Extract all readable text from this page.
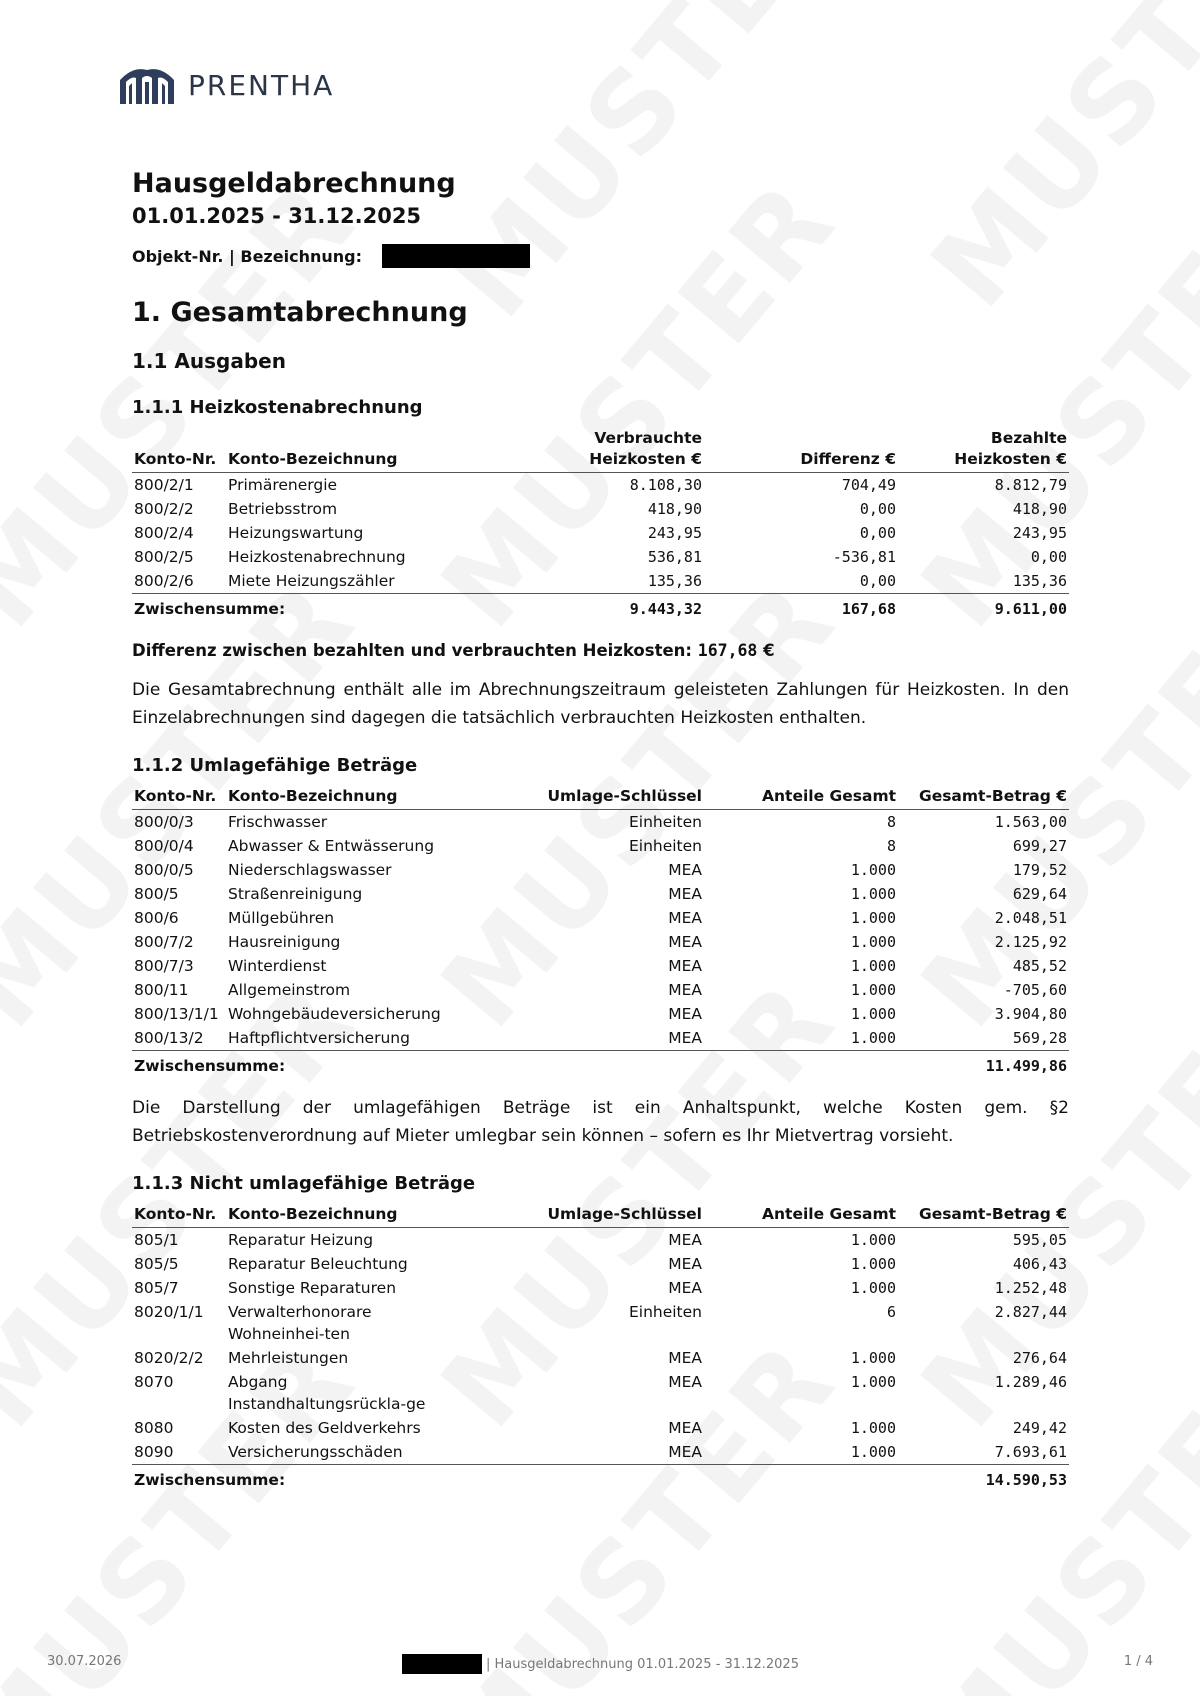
PRENTHA
Hausgeldabrechnung
01.01.2025 - 31.12.2025
Objekt-Nr. | Bezeichnung:
1. Gesamtabrechnung
1.1 Ausgaben
1.1.1 Heizkostenabrechnung
Konto-Nr.	Konto-Bezeichnung	Verbrauchte Heizkosten €	Differenz €	Bezahlte Heizkosten €
800/2/1	Primärenergie	8.108,30	704,49	8.812,79
800/2/2	Betriebsstrom	418,90	0,00	418,90
800/2/4	Heizungswartung	243,95	0,00	243,95
800/2/5	Heizkostenabrechnung	536,81	-536,81	0,00
800/2/6	Miete Heizungszähler	135,36	0,00	135,36
Zwischensumme:		9.443,32	167,68	9.611,00
Differenz zwischen bezahlten und verbrauchten Heizkosten: 167,68 €

Die Gesamtabrechnung enthält alle im Abrechnungszeitraum geleisteten Zahlungen für Heizkosten. In den Einzelabrechnungen sind dagegen die tatsächlich verbrauchten Heizkosten enthalten.

1.1.2 Umlagefähige Beträge
Konto-Nr.	Konto-Bezeichnung	Umlage-Schlüssel	Anteile Gesamt	Gesamt-Betrag €
800/0/3	Frischwasser	Einheiten	8	1.563,00
800/0/4	Abwasser & Entwässerung	Einheiten	8	699,27
800/0/5	Niederschlagswasser	MEA	1.000	179,52
800/5	Straßenreinigung	MEA	1.000	629,64
800/6	Müllgebühren	MEA	1.000	2.048,51
800/7/2	Hausreinigung	MEA	1.000	2.125,92
800/7/3	Winterdienst	MEA	1.000	485,52
800/11	Allgemeinstrom	MEA	1.000	-705,60
800/13/1/1	Wohngebäudeversicherung	MEA	1.000	3.904,80
800/13/2	Haftpflichtversicherung	MEA	1.000	569,28
Zwischensumme:				11.499,86

Die Darstellung der umlagefähigen Beträge ist ein Anhaltspunkt, welche Kosten gem. §2 Betriebskostenverordnung auf Mieter umlegbar sein können – sofern es Ihr Mietvertrag vorsieht.

1.1.3 Nicht umlagefähige Beträge
Konto-Nr.	Konto-Bezeichnung	Umlage-Schlüssel	Anteile Gesamt	Gesamt-Betrag €
805/1	Reparatur Heizung	MEA	1.000	595,05
805/5	Reparatur Beleuchtung	MEA	1.000	406,43
805/7	Sonstige Reparaturen	MEA	1.000	1.252,48
8020/1/1	Verwalterhonorare Wohneinhei-ten	Einheiten	6	2.827,44
8020/2/2	Mehrleistungen	MEA	1.000	276,64
8070	Abgang Instandhaltungsrückla-ge	MEA	1.000	1.289,46
8080	Kosten des Geldverkehrs	MEA	1.000	249,42
8090	Versicherungsschäden	MEA	1.000	7.693,61
Zwischensumme:				14.590,53
30.07.2026	| Hausgeldabrechnung 01.01.2025 - 31.12.2025	1 / 4
